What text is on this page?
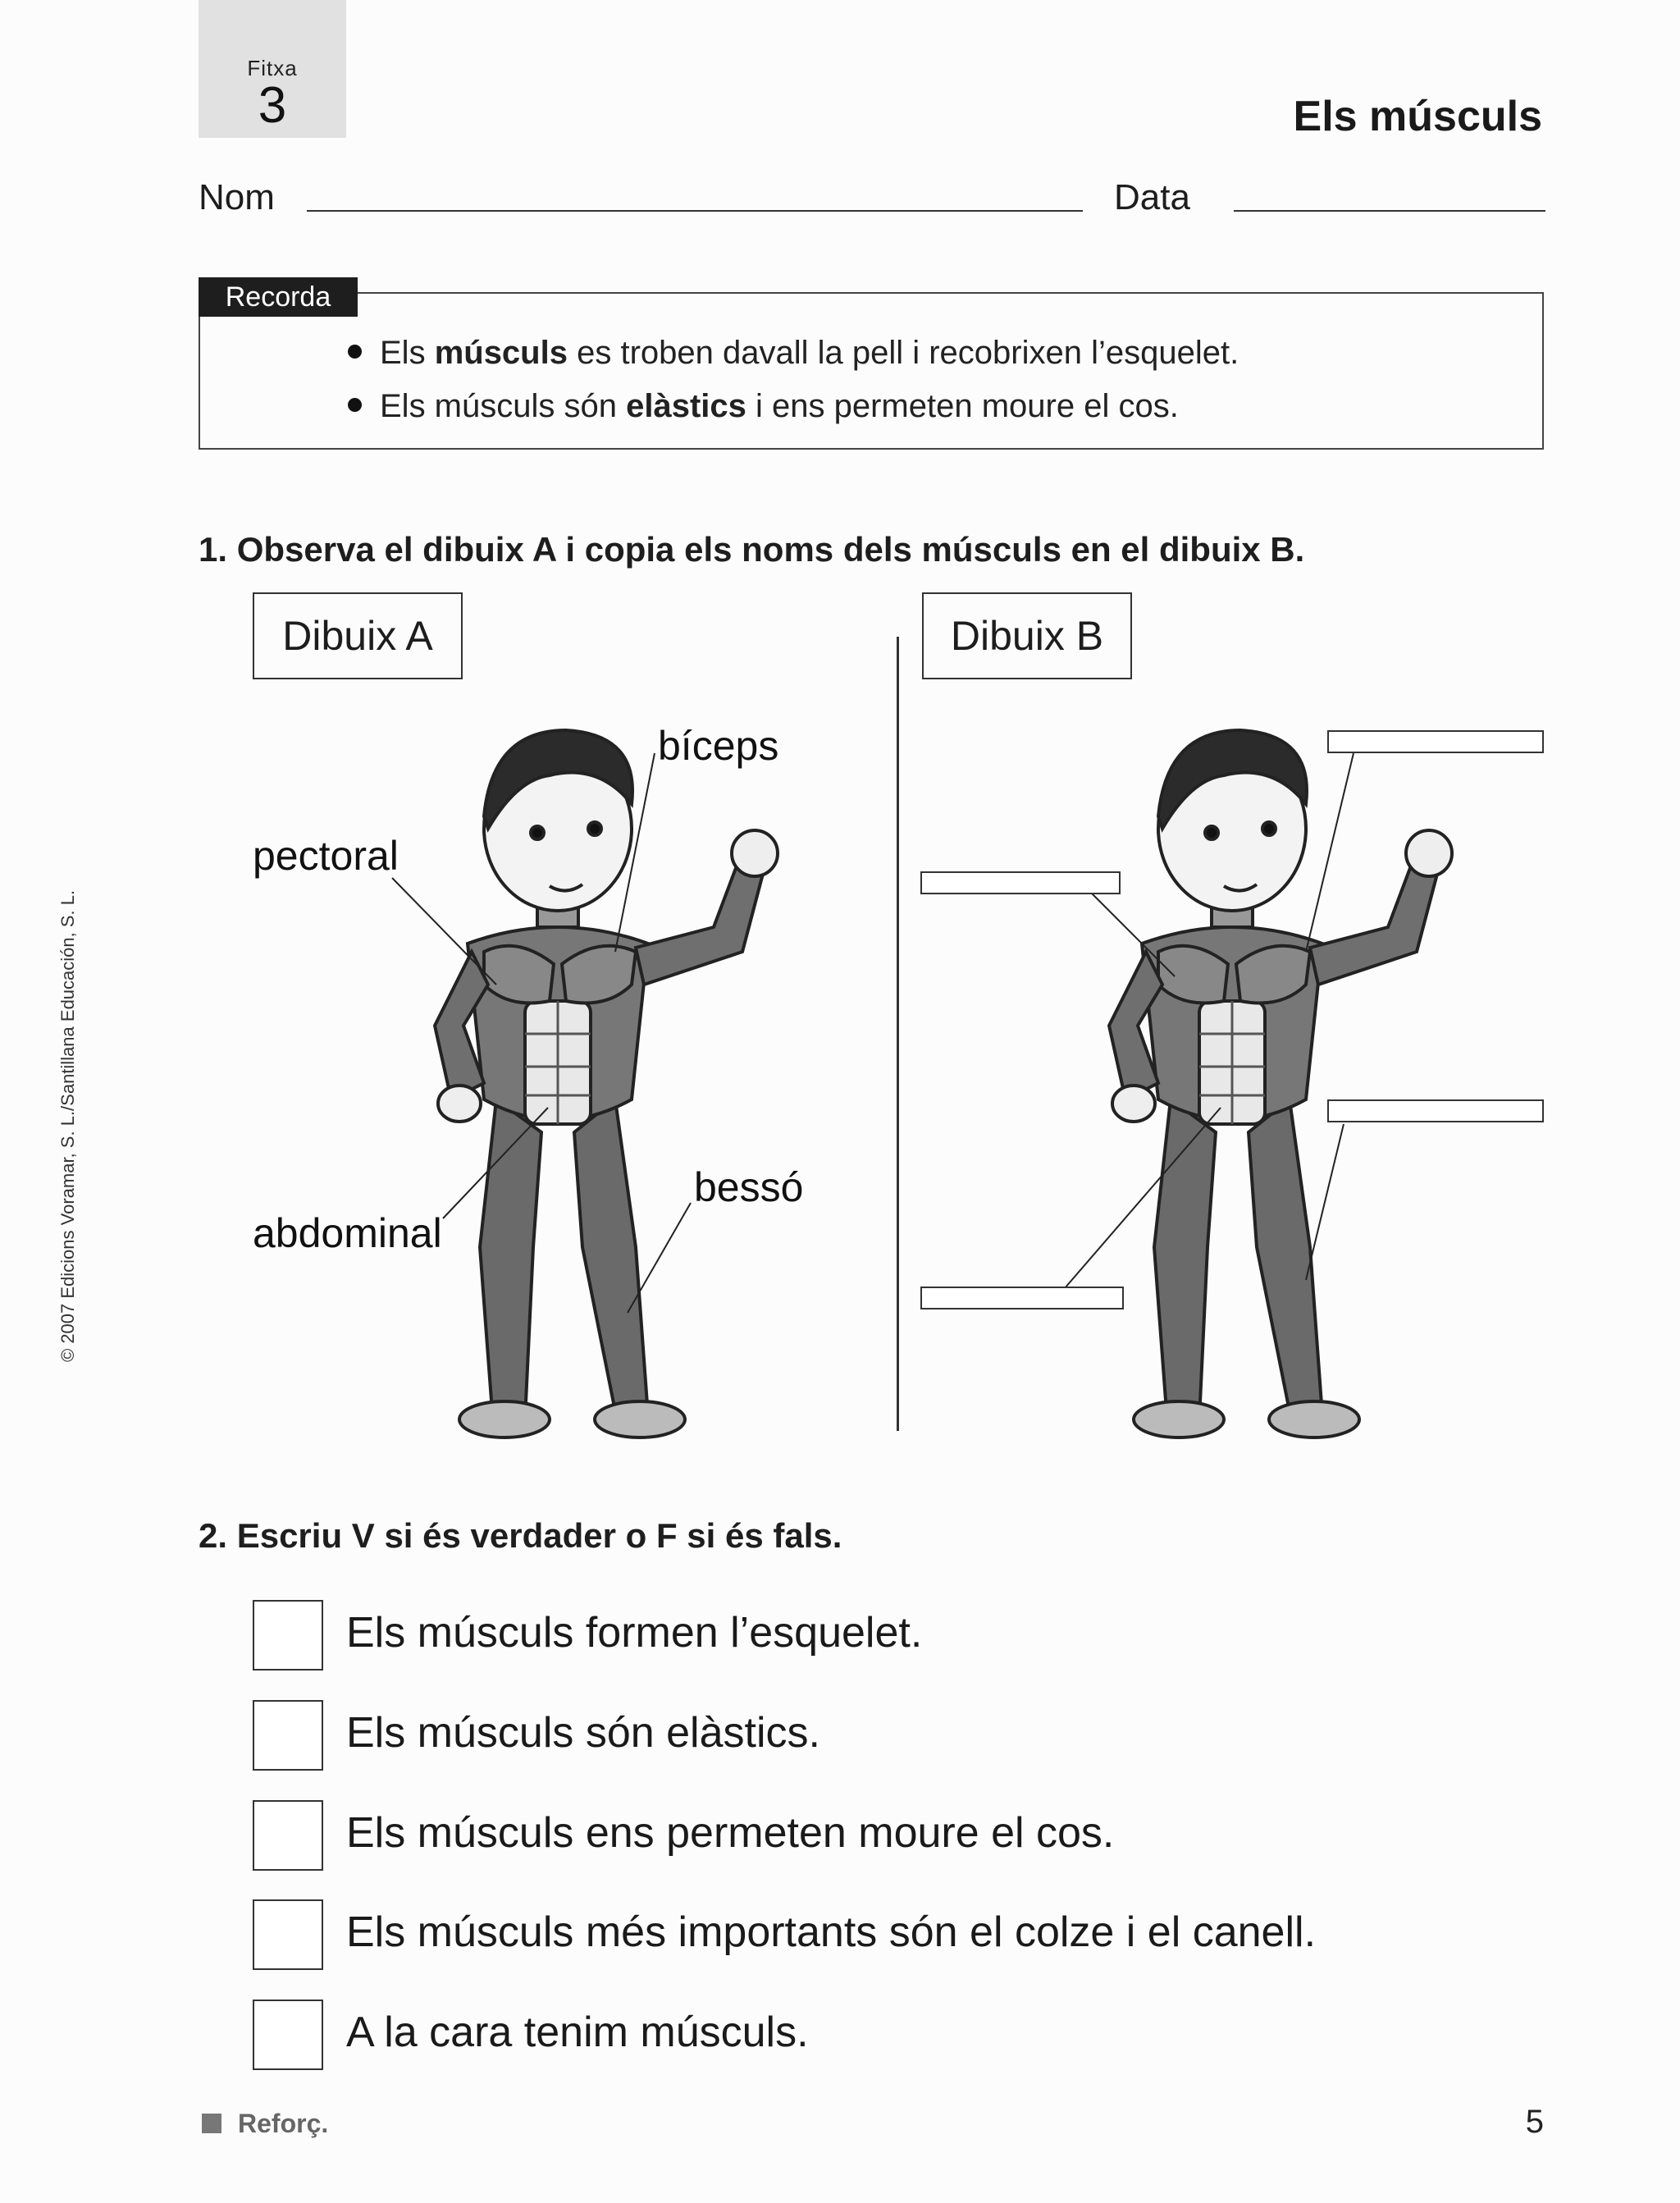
Fitxa
3	Els músculs
Nom	Data
Recorda
Els músculs es troben davall la pell i recobrixen l’esquelet.
Els músculs són elàstics i ens permeten moure el cos.
1. Observa el dibuix A i copia els noms dels músculs en el dibuix B.
Dibuix A	Dibuix B
bíceps
pectoral
bessó
abdominal
2. Escriu V si és verdader o F si és fals.
Els músculs formen l’esquelet.
Els músculs són elàstics.
Els músculs ens permeten moure el cos.
Els músculs més importants són el colze i el canell.
A la cara tenim músculs.
Reforç.	5
© 2007 Edicions Voramar, S. L./Santillana Educación, S. L.
